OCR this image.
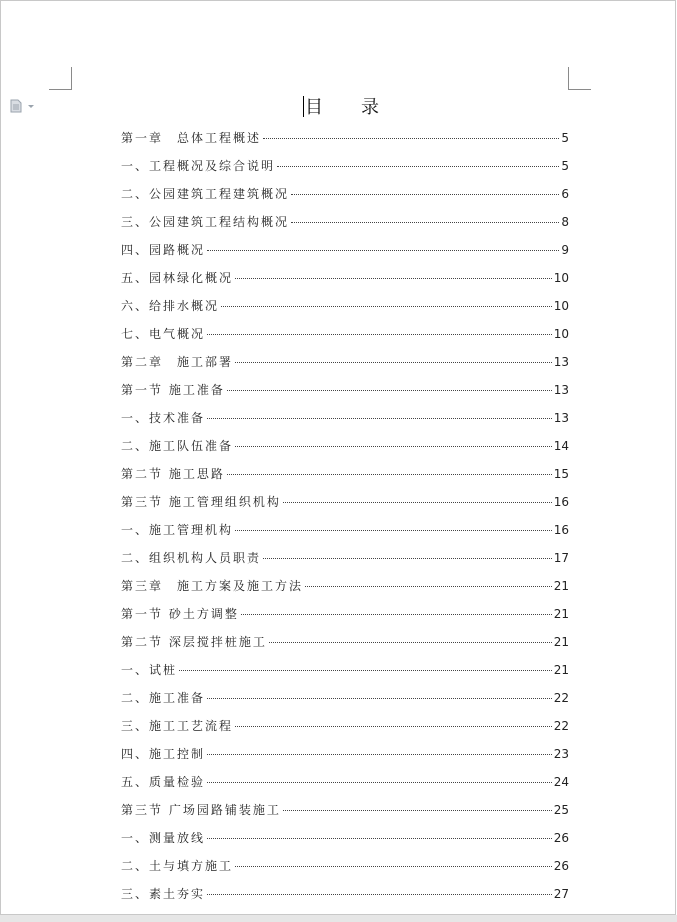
目 录
第一章　总体工程概述	5
一、工程概况及综合说明	5
二、公园建筑工程建筑概况	6
三、公园建筑工程结构概况	8
四、园路概况	9
五、园林绿化概况	10
六、给排水概况	10
七、电气概况	10
第二章　施工部署	13
第一节 施工准备	13
一、技术准备	13
二、施工队伍准备	14
第二节 施工思路	15
第三节 施工管理组织机构	16
一、施工管理机构	16
二、组织机构人员职责	17
第三章　施工方案及施工方法	21
第一节 砂土方调整	21
第二节 深层搅拌桩施工	21
一、试桩	21
二、施工准备	22
三、施工工艺流程	22
四、施工控制	23
五、质量检验	24
第三节 广场园路铺装施工	25
一、测量放线	26
二、土与填方施工	26
三、素土夯实	27
